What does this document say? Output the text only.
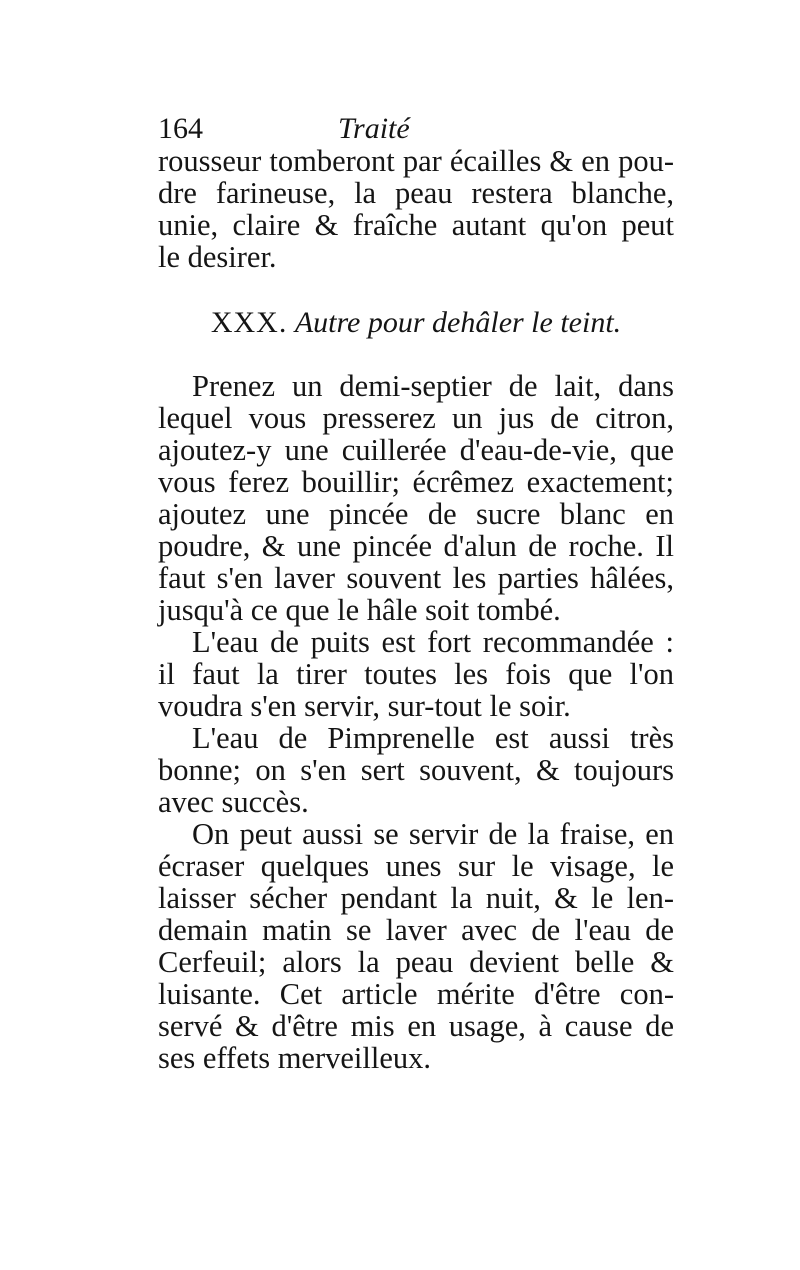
164	Traité
rousseur tomberont par écailles & en pou-
dre farineuse, la peau restera blanche,
unie, claire & fraîche autant qu'on peut
le desirer.
XXX. Autre pour dehâler le teint.
Prenez un demi-septier de lait, dans
lequel vous presserez un jus de citron,
ajoutez-y une cuillerée d'eau-de-vie, que
vous ferez bouillir; écrêmez exactement;
ajoutez une pincée de sucre blanc en
poudre, & une pincée d'alun de roche. Il
faut s'en laver souvent les parties hâlées,
jusqu'à ce que le hâle soit tombé.
L'eau de puits est fort recommandée :
il faut la tirer toutes les fois que l'on
voudra s'en servir, sur-tout le soir.
L'eau de Pimprenelle est aussi très
bonne; on s'en sert souvent, & toujours
avec succès.
On peut aussi se servir de la fraise, en
écraser quelques unes sur le visage, le
laisser sécher pendant la nuit, & le len-
demain matin se laver avec de l'eau de
Cerfeuil; alors la peau devient belle &
luisante. Cet article mérite d'être con-
servé & d'être mis en usage, à cause de
ses effets merveilleux.
